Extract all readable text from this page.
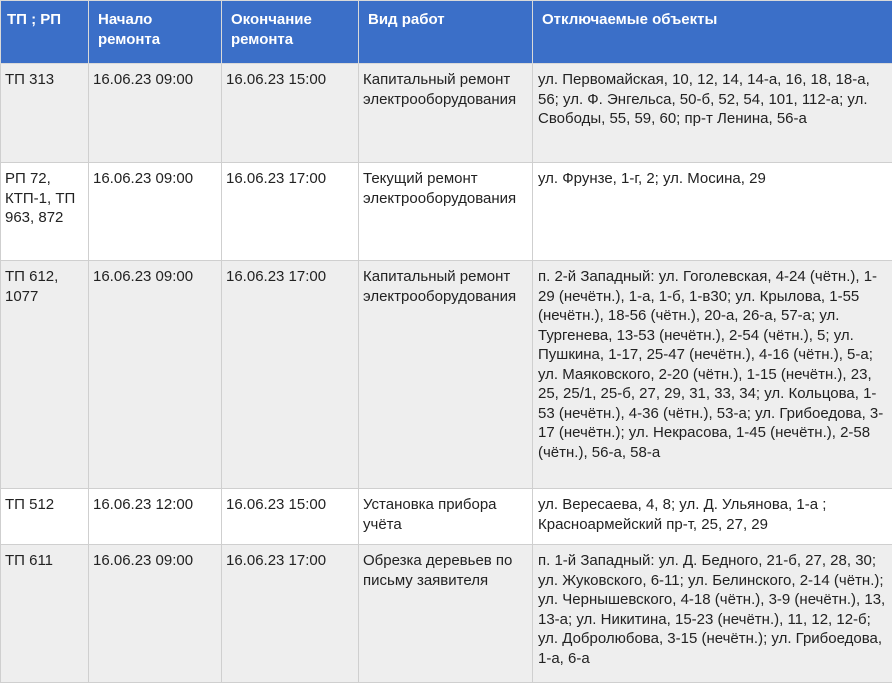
ТП ; РП	Начало ремонта	Окончание ремонта	Вид работ	Отключаемые объекты
ТП 313	16.06.23 09:00	16.06.23 15:00	Капитальный ремонт электрооборудования	ул. Первомайская, 10, 12, 14, 14-а, 16, 18, 18-а, 56; ул. Ф. Энгельса, 50-б, 52, 54, 101, 112-а; ул. Свободы, 55, 59, 60; пр-т Ленина, 56-а
РП 72, КТП-1, ТП 963, 872	16.06.23 09:00	16.06.23 17:00	Текущий ремонт электрооборудования	ул. Фрунзе, 1-г, 2; ул. Мосина, 29
ТП 612, 1077	16.06.23 09:00	16.06.23 17:00	Капитальный ремонт электрооборудования	п. 2-й Западный: ул. Гоголевская, 4-24 (чётн.), 1-29 (нечётн.), 1-а, 1-б, 1-в30; ул. Крылова, 1-55 (нечётн.), 18-56 (чётн.), 20-а, 26-а, 57-а; ул. Тургенева, 13-53 (нечётн.), 2-54 (чётн.), 5; ул. Пушкина, 1-17, 25-47 (нечётн.), 4-16 (чётн.), 5-а; ул. Маяковского, 2-20 (чётн.), 1-15 (нечётн.), 23, 25, 25/1, 25-б, 27, 29, 31, 33, 34; ул. Кольцова, 1-53 (нечётн.), 4-36 (чётн.), 53-а; ул. Грибоедова, 3-17 (нечётн.); ул. Некрасова, 1-45 (нечётн.), 2-58 (чётн.), 56-а, 58-а
ТП 512	16.06.23 12:00	16.06.23 15:00	Установка прибора учёта	ул. Вересаева, 4, 8; ул. Д. Ульянова, 1-а ; Красноармейский пр-т, 25, 27, 29
ТП 611	16.06.23 09:00	16.06.23 17:00	Обрезка деревьев по письму заявителя	п. 1-й Западный: ул. Д. Бедного, 21-б, 27, 28, 30; ул. Жуковского, 6-11; ул. Белинского, 2-14 (чётн.); ул. Чернышевского, 4-18 (чётн.), 3-9 (нечётн.), 13, 13-а; ул. Никитина, 15-23 (нечётн.), 11, 12, 12-б; ул. Добролюбова, 3-15 (нечётн.); ул. Грибоедова, 1-а, 6-а
